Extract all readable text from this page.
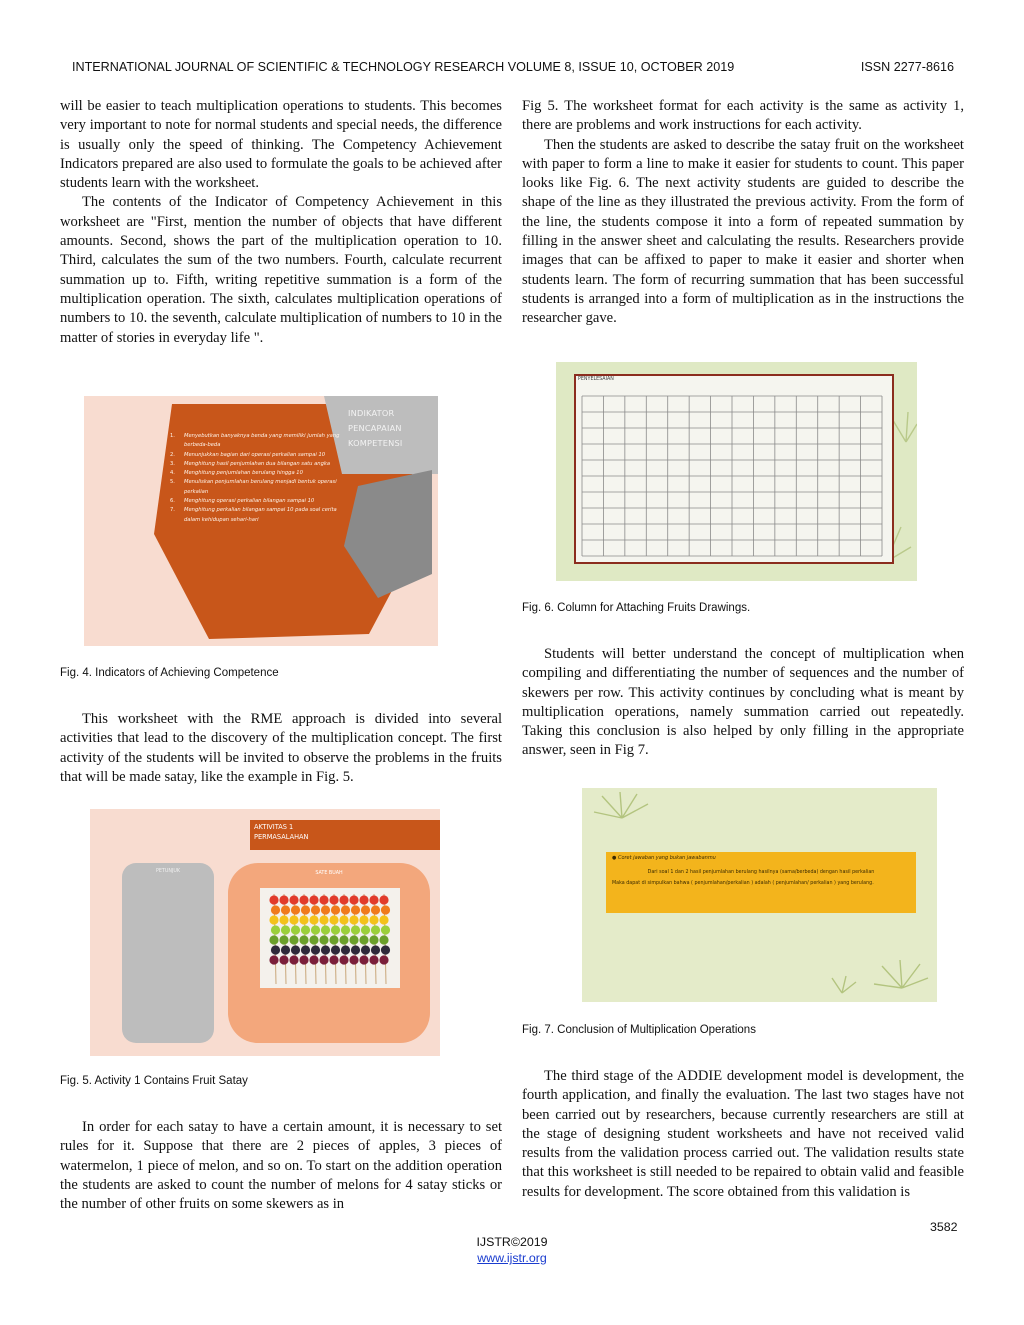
INTERNATIONAL JOURNAL OF SCIENTIFIC & TECHNOLOGY RESEARCH VOLUME 8, ISSUE 10, OCTOBER 2019	ISSN 2277-8616

will be easier to teach multiplication operations to students. This becomes very important to note for normal students and special needs, the difference is usually only the speed of thinking. The Competency Achievement Indicators prepared are also used to formulate the goals to be achieved after students learn with the worksheet.

The contents of the Indicator of Competency Achievement in this worksheet are "First, mention the number of objects that have different amounts. Second, shows the part of the multiplication operation to 10. Third, calculates the sum of the two numbers. Fourth, calculate recurrent summation up to. Fifth, writing repetitive summation is a form of the multiplication operation. The sixth, calculates multiplication operations of numbers to 10. the seventh, calculate multiplication of numbers to 10 in the matter of stories in everyday life ".

INDIKATOR
PENCAPAIAN
KOMPETENSI
1. Menyebutkan banyaknya benda yang memiliki jumlah yang berbeda-beda
2. Menunjukkan bagian dari operasi perkalian sampai 10
3. Menghitung hasil penjumlahan dua bilangan satu angka
4. Menghitung penjumlahan berulang hingga 10
5. Menuliskan penjumlahan berulang menjadi bentuk operasi perkalian
6. Menghitung operasi perkalian bilangan sampai 10
7. Menghitung perkalian bilangan sampai 10 pada soal cerita dalam kehidupan sehari-hari
Fig. 4. Indicators of Achieving Competence

This worksheet with the RME approach is divided into several activities that lead to the discovery of the multiplication concept. The first activity of the students will be invited to observe the problems in the fruits that will be made satay, like the example in Fig. 5.

AKTIVITAS 1
PERMASALAHAN
PETUNJUK	SATE BUAH
Fig. 5. Activity 1 Contains Fruit Satay

In order for each satay to have a certain amount, it is necessary to set rules for it. Suppose that there are 2 pieces of apples, 3 pieces of watermelon, 1 piece of melon, and so on. To start on the addition operation the students are asked to count the number of melons for 4 satay sticks or the number of other fruits on some skewers as in

Fig 5. The worksheet format for each activity is the same as activity 1, there are problems and work instructions for each activity.

Then the students are asked to describe the satay fruit on the worksheet with paper to form a line to make it easier for students to count. This paper looks like Fig. 6. The next activity students are guided to describe the shape of the line as they illustrated the previous activity. From the form of the line, the students compose it into a form of repeated summation by filling in the answer sheet and calculating the results. Researchers provide images that can be affixed to paper to make it easier and shorter when students learn. The form of recurring summation that has been successful students is arranged into a form of multiplication as in the instructions the researcher gave.

PENYELESAIAN
Fig. 6. Column for Attaching Fruits Drawings.

Students will better understand the concept of multiplication when compiling and differentiating the number of sequences and the number of skewers per row. This activity continues by concluding what is meant by multiplication operations, namely summation carried out repeatedly. Taking this conclusion is also helped by only filling in the appropriate answer, seen in Fig 7.

● Coret jawaban yang bukan jawabanmu
Dari soal 1 dan 2 hasil penjumlahan berulang hasilnya (sama/berbeda) dengan hasil perkalian
Maka dapat di simpulkan bahwa ( penjumlahan/perkalian ) adalah ( penjumlahan/ perkalian ) yang berulang.
Fig. 7. Conclusion of Multiplication Operations

The third stage of the ADDIE development model is development, the fourth application, and finally the evaluation. The last two stages have not been carried out by researchers, because currently researchers are still at the stage of designing student worksheets and have not received valid results from the validation process carried out. The validation results state that this worksheet is still needed to be repaired to obtain valid and feasible results for development. The score obtained from this validation is

3582
IJSTR©2019
www.ijstr.org
